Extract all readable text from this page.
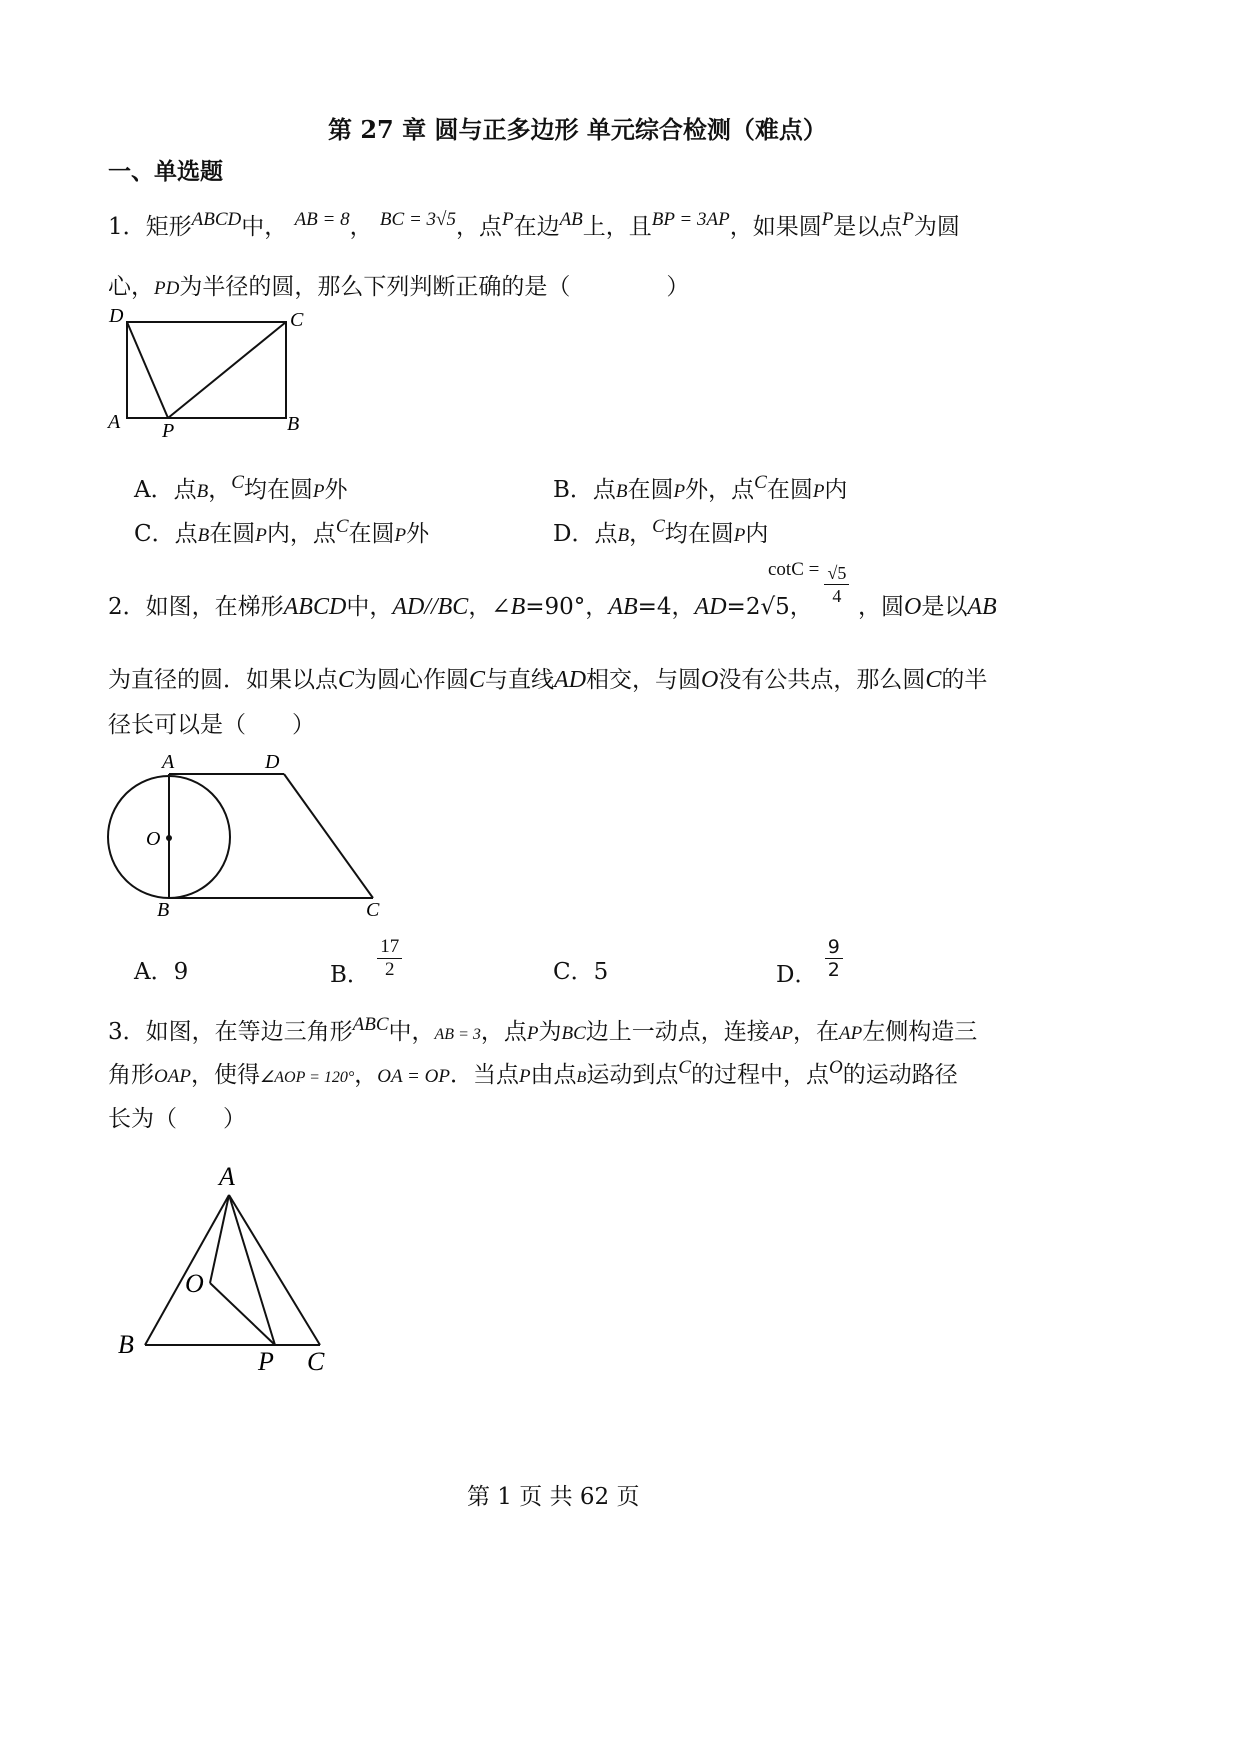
第 27 章 圆与正多边形 单元综合检测（难点）
一、单选题
1．矩形$^{ABCD}$中， $^{AB = 8}$， $^{BC = 3√5}$，点$^P$在边$^{AB}$上，且$^{BP = 3AP}$，如果圆$^P$是以点$^P$为圆
心，PD为半径的圆，那么下列判断正确的是（	）
D	C
A P	B
A．点B，$^C$均在圆P外	B．点B在圆P外，点$^C$在圆P内
C．点B在圆P内，点$^C$在圆P外	D．点B，$^C$均在圆P内
2．如图，在梯形ABCD中，AD//BC，∠B=90°，AB=4，AD=2√5，
$\cot C = \frac{√5}{4}$ ，圆O是以AB
为直径的圆．如果以点C为圆心作圆C与直线AD相交，与圆O没有公共点，那么圆C的半
径长可以是（　　）
A	D
O
B	C
A．9	B． $\frac{17}{2}$	C．5	D． $\frac{9}{2}$
3．如图，在等边三角形$^{ABC}$中，AB = 3，点P为BC边上一动点，连接AP，在AP左侧构造三
角形OAP，使得∠AOP = 120°，OA = OP．当点P由点B运动到点$^C$的过程中，点$^O$的运动路径
长为（　　）
A
O
B
P C
第 1 页 共 62 页
